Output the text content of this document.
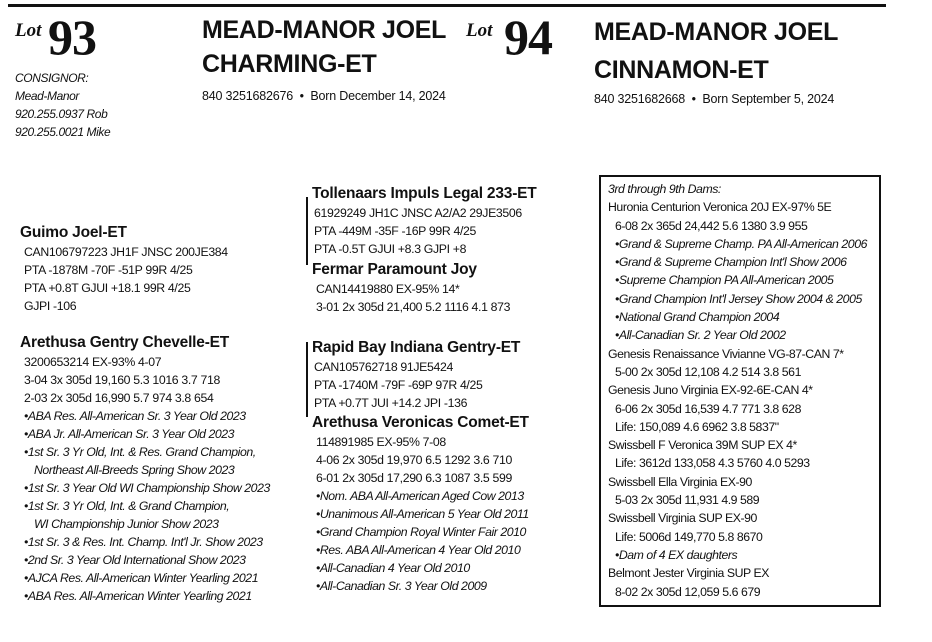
Lot 93	MEAD-MANOR JOEL
CHARMING-ET
840 3251682676  •  Born December 14, 2024
CONSIGNOR:
Mead-Manor
920.255.0937 Rob
920.255.0021 Mike
Lot 94 MEAD-MANOR JOEL
CINNAMON-ET
840 3251682668  •  Born September 5, 2024
Guimo Joel-ET
CAN106797223 JH1F JNSC 200JE384
PTA -1878M -70F -51P 99R 4/25
PTA +0.8T GJUI +18.1 99R 4/25
GJPI -106
Arethusa Gentry Chevelle-ET
3200653214 EX-93% 4-07
3-04 3x 305d 19,160 5.3 1016 3.7 718
2-03 2x 305d 16,990 5.7 974 3.8 654
•ABA Res. All-American Sr. 3 Year Old 2023
•ABA Jr. All-American Sr. 3 Year Old 2023
•1st Sr. 3 Yr Old, Int. & Res. Grand Champion,
Northeast All-Breeds Spring Show 2023
•1st Sr. 3 Year Old WI Championship Show 2023
•1st Sr. 3 Yr Old, Int. & Grand Champion,
WI Championship Junior Show 2023
•1st Sr. 3 & Res. Int. Champ. Int'l Jr. Show 2023
•2nd Sr. 3 Year Old International Show 2023
•AJCA Res. All-American Winter Yearling 2021
•ABA Res. All-American Winter Yearling 2021
Tollenaars Impuls Legal 233-ET
61929249 JH1C JNSC A2/A2 29JE3506
PTA -449M -35F -16P 99R 4/25
PTA -0.5T GJUI +8.3 GJPI +8
Fermar Paramount Joy
CAN14419880 EX-95% 14*
3-01 2x 305d 21,400 5.2 1116 4.1 873
Rapid Bay Indiana Gentry-ET
CAN105762718 91JE5424
PTA -1740M -79F -69P 97R 4/25
PTA +0.7T JUI +14.2 JPI -136
Arethusa Veronicas Comet-ET
114891985 EX-95% 7-08
4-06 2x 305d 19,970 6.5 1292 3.6 710
6-01 2x 305d 17,290 6.3 1087 3.5 599
•Nom. ABA All-American Aged Cow 2013
•Unanimous All-American 5 Year Old 2011
•Grand Champion Royal Winter Fair 2010
•Res. ABA All-American 4 Year Old 2010
•All-Canadian 4 Year Old 2010
•All-Canadian Sr. 3 Year Old 2009
3rd through 9th Dams:
Huronia Centurion Veronica 20J EX-97% 5E
6-08 2x 365d 24,442 5.6 1380 3.9 955
•Grand & Supreme Champ. PA All-American 2006
•Grand & Supreme Champion Int'l Show 2006
•Supreme Champion PA All-American 2005
•Grand Champion Int'l Jersey Show 2004 & 2005
•National Grand Champion 2004
•All-Canadian Sr. 2 Year Old 2002
Genesis Renaissance Vivianne VG-87-CAN 7*
5-00 2x 305d 12,108 4.2 514 3.8 561
Genesis Juno Virginia EX-92-6E-CAN 4*
6-06 2x 305d 16,539 4.7 771 3.8 628
Life: 150,089 4.6 6962 3.8 5837"
Swissbell F Veronica 39M SUP EX 4*
Life: 3612d 133,058 4.3 5760 4.0 5293
Swissbell Ella Virginia EX-90
5-03 2x 305d 11,931 4.9 589
Swissbell Virginia SUP EX-90
Life: 5006d 149,770 5.8 8670
•Dam of 4 EX daughters
Belmont Jester Virginia SUP EX
8-02 2x 305d 12,059 5.6 679
